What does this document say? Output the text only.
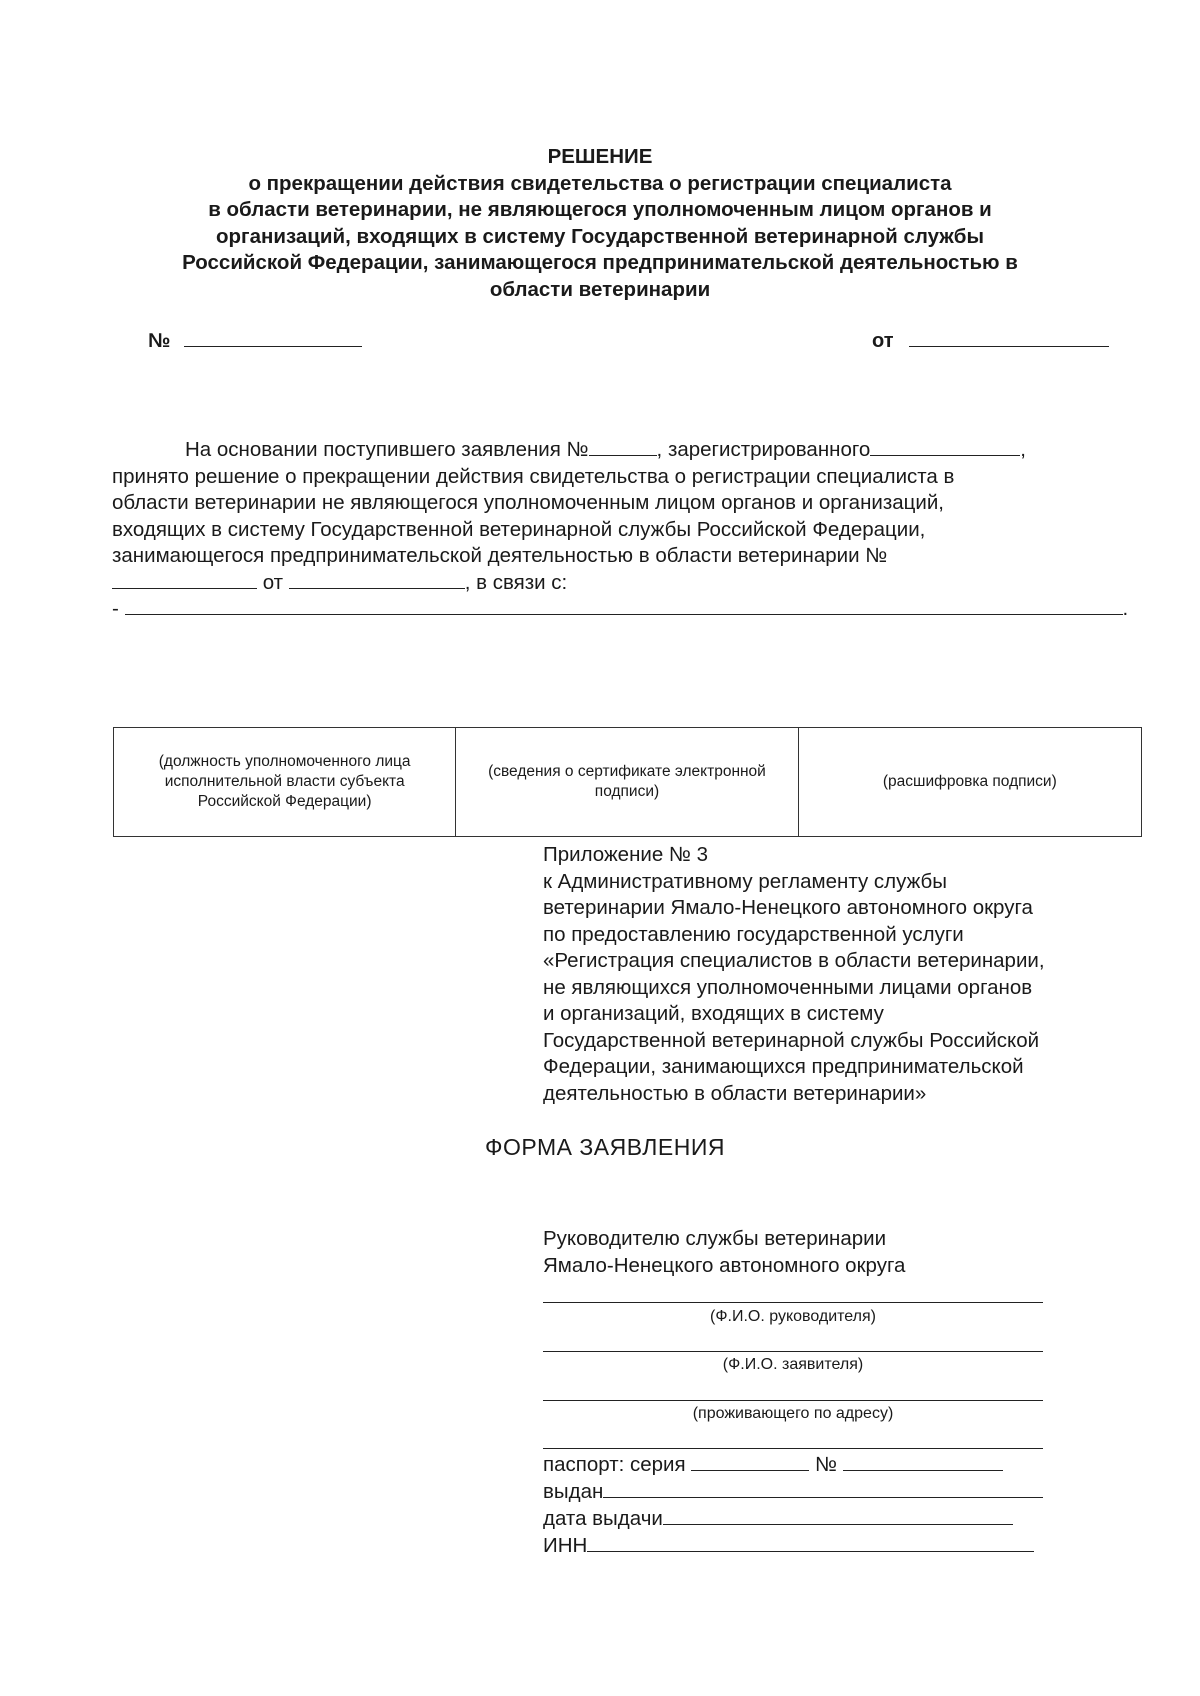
РЕШЕНИЕ
о прекращении действия свидетельства о регистрации специалиста
в области ветеринарии, не являющегося уполномоченным лицом органов и
организаций, входящих в систему Государственной ветеринарной службы
Российской Федерации, занимающегося предпринимательской деятельностью в
области ветеринарии
№	от
На основании поступившего заявления №	, зарегистрированного	,
принято решение о прекращении действия свидетельства о регистрации специалиста в
области ветеринарии не являющегося уполномоченным лицом органов и организаций,
входящих в систему Государственной ветеринарной службы Российской Федерации,
занимающегося предпринимательской деятельностью в области ветеринарии №
от	, в связи с:
-	.
(должность уполномоченного лица исполнительной власти субъекта Российской Федерации)	(сведения о сертификате электронной подписи)	(расшифровка подписи)
Приложение № 3
к Административному регламенту службы
ветеринарии Ямало-Ненецкого автономного округа
по предоставлению государственной услуги
«Регистрация специалистов в области ветеринарии,
не являющихся уполномоченными лицами органов
и организаций, входящих в систему
Государственной ветеринарной службы Российской
Федерации, занимающихся предпринимательской
деятельностью в области ветеринарии»
ФОРМА ЗАЯВЛЕНИЯ
Руководителю службы ветеринарии
Ямало-Ненецкого автономного округа
(Ф.И.О. руководителя)
(Ф.И.О. заявителя)
(проживающего по адресу)
паспорт: серия	№
выдан
дата выдачи
ИНН
